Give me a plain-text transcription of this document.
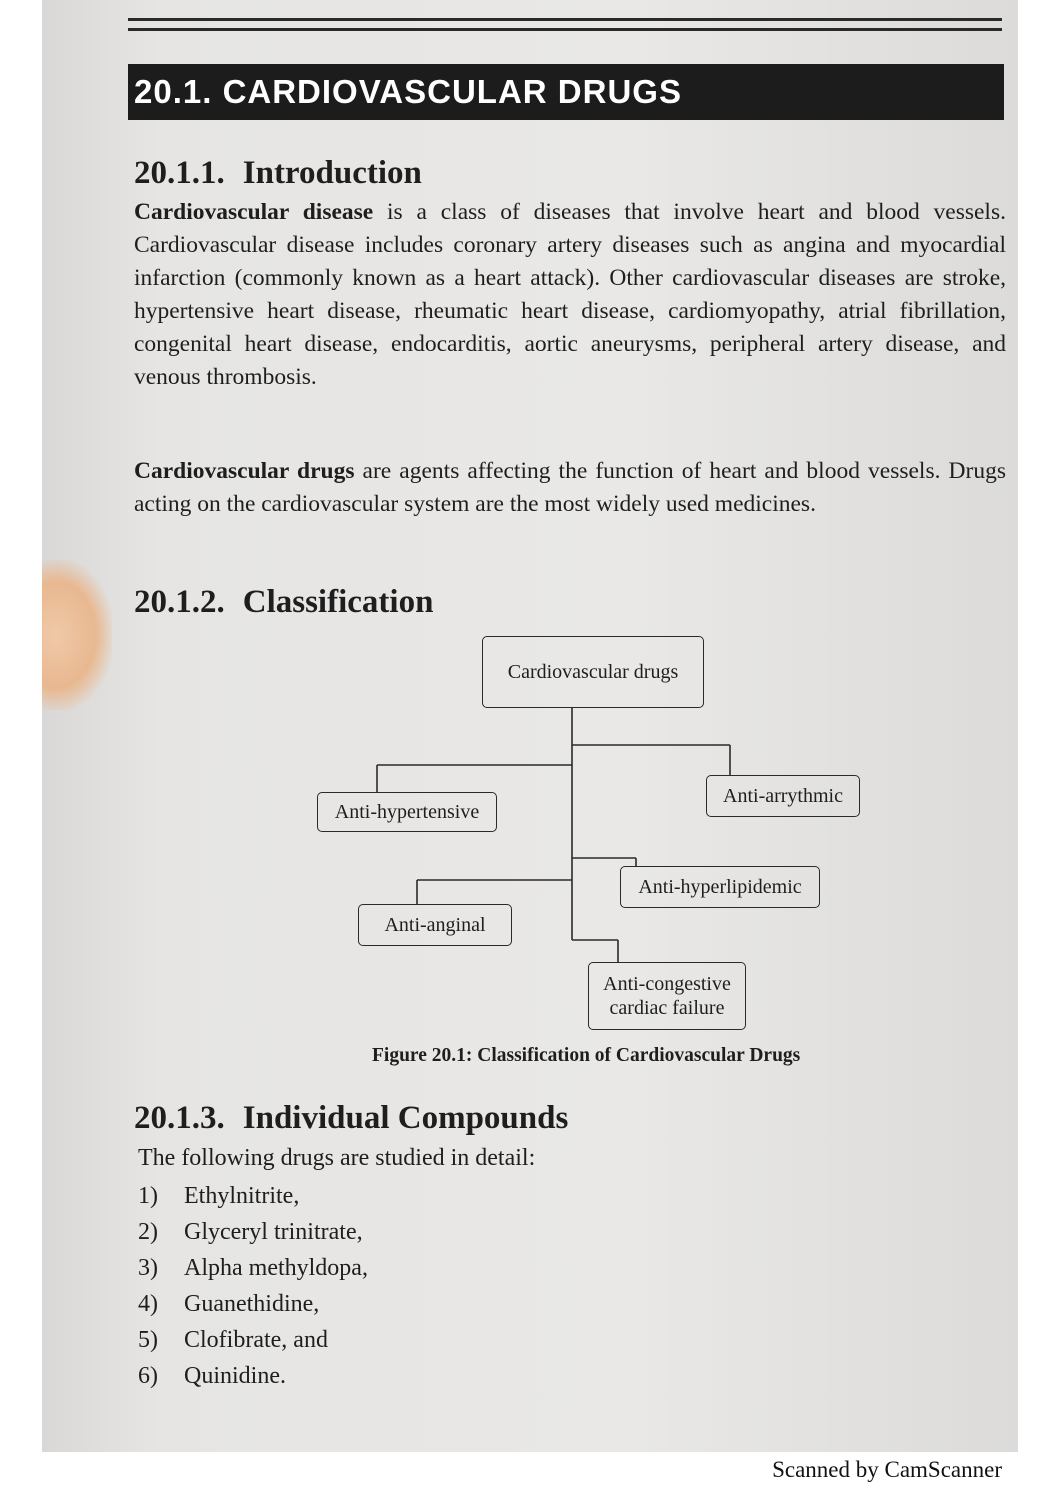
20.1. CARDIOVASCULAR DRUGS
20.1.1. Introduction

Cardiovascular disease is a class of diseases that involve heart and blood vessels. Cardiovascular disease includes coronary artery diseases such as angina and myocardial infarction (commonly known as a heart attack). Other cardiovascular diseases are stroke, hypertensive heart disease, rheumatic heart disease, cardiomyopathy, atrial fibrillation, congenital heart disease, endocarditis, aortic aneurysms, peripheral artery disease, and venous thrombosis.

Cardiovascular drugs are agents affecting the function of heart and blood vessels. Drugs acting on the cardiovascular system are the most widely used medicines.

20.1.2. Classification
Cardiovascular drugs
Anti-hypertensive
Anti-arrythmic
Anti-hyperlipidemic
Anti-anginal
Anti-congestive
cardiac failure
Figure 20.1: Classification of Cardiovascular Drugs
20.1.3. Individual Compounds
The following drugs are studied in detail:
1)	Ethylnitrite,
2)	Glyceryl trinitrate,
3)	Alpha methyldopa,
4)	Guanethidine,
5)	Clofibrate, and
6)	Quinidine.
Scanned by CamScanner
